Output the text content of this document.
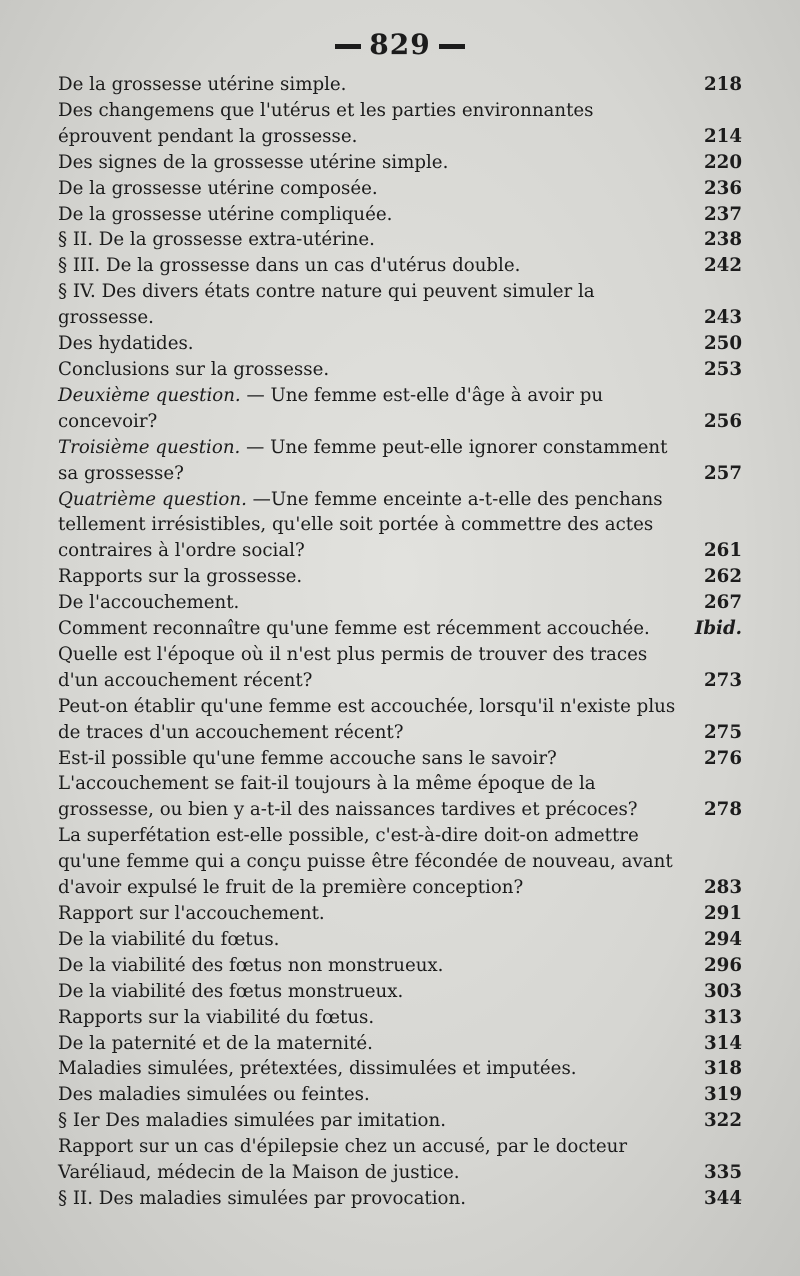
829
De la grossesse utérine simple.	218
Des changemens que l'utérus et les parties environnantes éprouvent pendant la grossesse.	214
Des signes de la grossesse utérine simple.	220
De la grossesse utérine composée.	236
De la grossesse utérine compliquée.	237
§ II. De la grossesse extra-utérine.	238
§ III. De la grossesse dans un cas d'utérus double.	242
§ IV. Des divers états contre nature qui peuvent simuler la grossesse.	243
Des hydatides.	250
Conclusions sur la grossesse.	253
Deuxième question. — Une femme est-elle d'âge à avoir pu concevoir?	256
Troisième question. — Une femme peut-elle ignorer constamment sa grossesse?	257
Quatrième question. —Une femme enceinte a-t-elle des penchans tellement irrésistibles, qu'elle soit portée à commettre des actes contraires à l'ordre social?	261
Rapports sur la grossesse.	262
De l'accouchement.	267
Comment reconnaître qu'une femme est récemment accouchée.	Ibid.
Quelle est l'époque où il n'est plus permis de trouver des traces d'un accouchement récent?	273
Peut-on établir qu'une femme est accouchée, lorsqu'il n'existe plus de traces d'un accouchement récent?	275
Est-il possible qu'une femme accouche sans le savoir?	276
L'accouchement se fait-il toujours à la même époque de la grossesse, ou bien y a-t-il des naissances tardives et précoces?	278
La superfétation est-elle possible, c'est-à-dire doit-on admettre qu'une femme qui a conçu puisse être fécondée de nouveau, avant d'avoir expulsé le fruit de la première conception?	283
Rapport sur l'accouchement.	291
De la viabilité du fœtus.	294
De la viabilité des fœtus non monstrueux.	296
De la viabilité des fœtus monstrueux.	303
Rapports sur la viabilité du fœtus.	313
De la paternité et de la maternité.	314
Maladies simulées, prétextées, dissimulées et imputées.	318
Des maladies simulées ou feintes.	319
§ Ier Des maladies simulées par imitation.	322
Rapport sur un cas d'épilepsie chez un accusé, par le docteur Varéliaud, médecin de la Maison de justice.	335
§ II. Des maladies simulées par provocation.	344
